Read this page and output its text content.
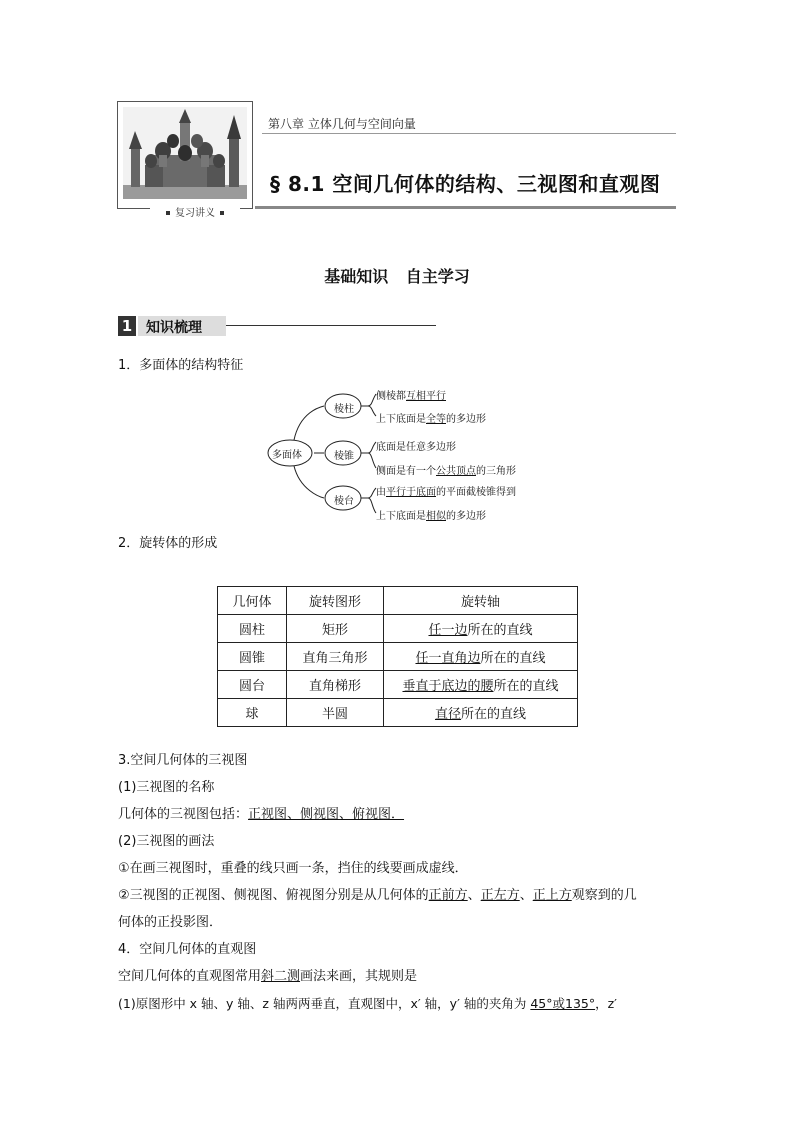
复习讲义
第八章 立体几何与空间向量
§ 8.1 空间几何体的结构、三视图和直观图
基础知识 自主学习
1 知识梳理
1．多面体的结构特征
多面体
棱柱
棱锥
棱台
侧棱都互相平行
上下底面是全等的多边形
底面是任意多边形
侧面是有一个公共顶点的三角形
由平行于底面的平面截棱锥得到
上下底面是相似的多边形
2．旋转体的形成
几何体	旋转图形	旋转轴
圆柱	矩形	任一边所在的直线
圆锥	直角三角形	任一直角边所在的直线
圆台	直角梯形	垂直于底边的腰所在的直线
球	半圆	直径所在的直线
3.空间几何体的三视图
(1)三视图的名称
几何体的三视图包括：正视图、侧视图、俯视图．
(2)三视图的画法
①在画三视图时，重叠的线只画一条，挡住的线要画成虚线．
②三视图的正视图、侧视图、俯视图分别是从几何体的正前方、正左方、正上方观察到的几
何体的正投影图．
4．空间几何体的直观图
空间几何体的直观图常用斜二测画法来画，其规则是
(1)原图形中 x 轴、y 轴、z 轴两两垂直，直观图中，x′ 轴，y′ 轴的夹角为 45°或135°，z′
